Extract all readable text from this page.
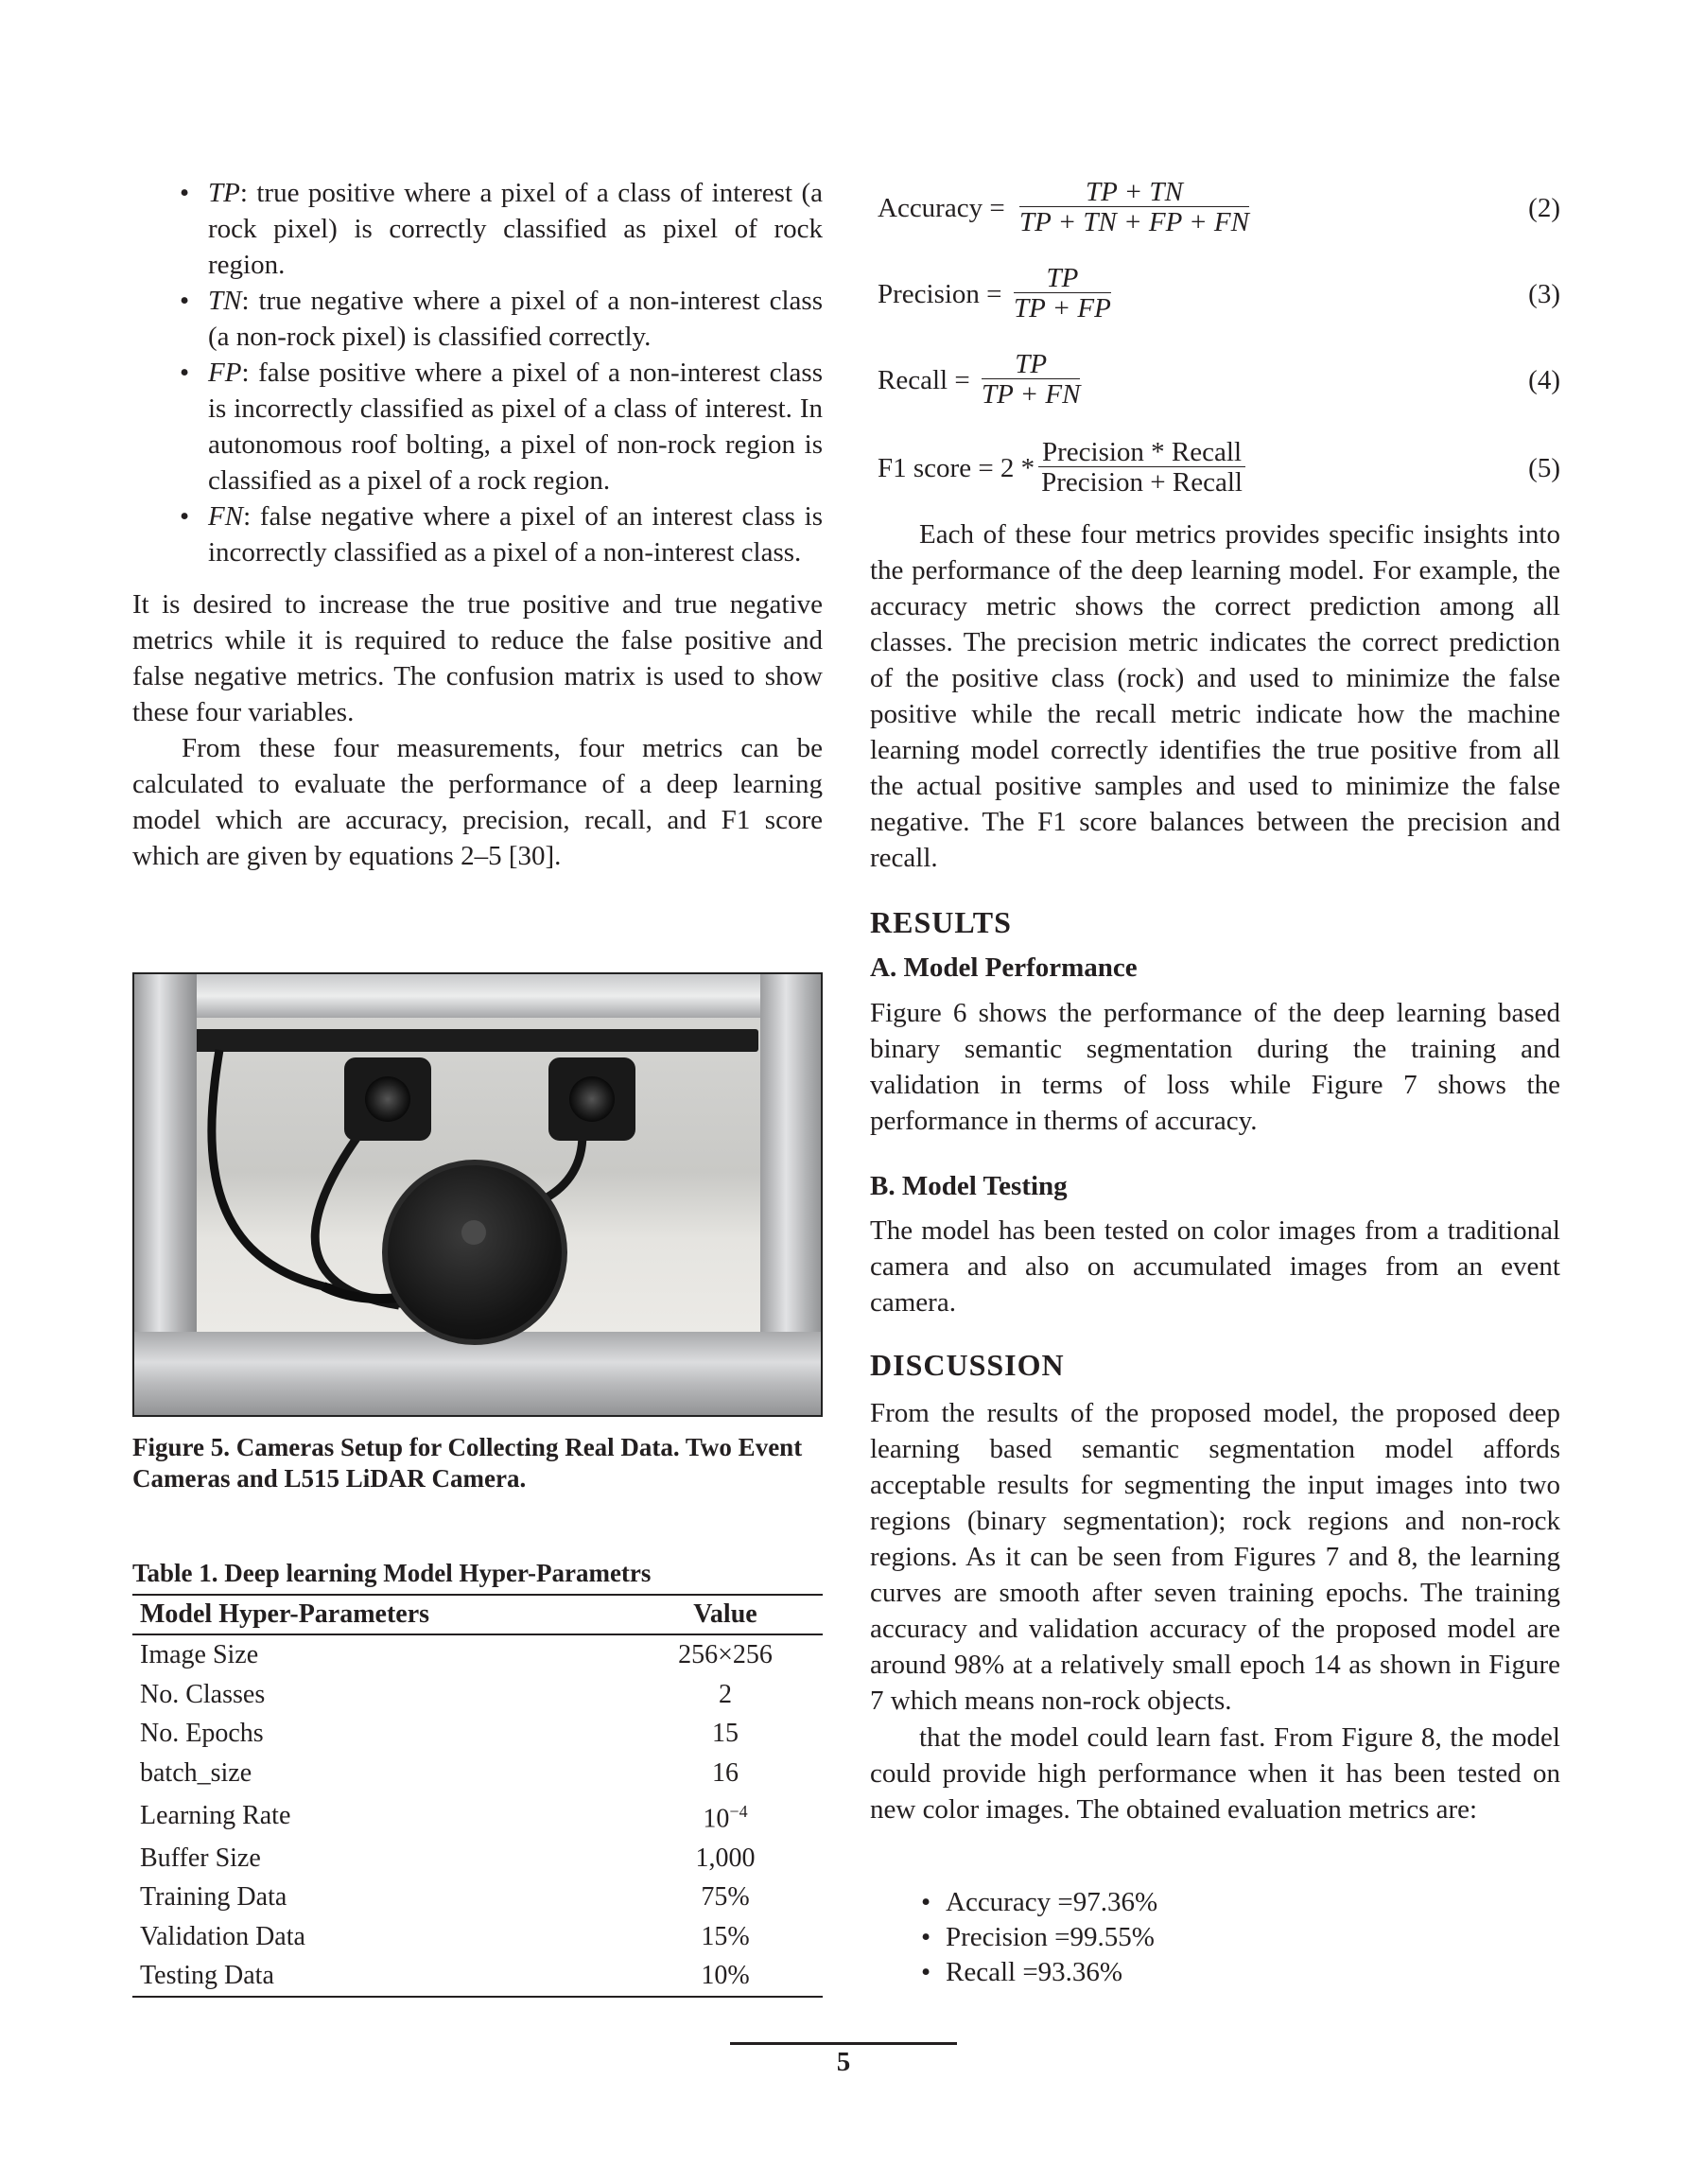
• TP: true positive where a pixel of a class of interest (a rock pixel) is correctly classified as pixel of rock region.
• TN: true negative where a pixel of a non-interest class (a non-rock pixel) is classified correctly.
• FP: false positive where a pixel of a non-interest class is incorrectly classified as pixel of a class of interest. In autonomous roof bolting, a pixel of non-rock region is classified as a pixel of a rock region.
• FN: false negative where a pixel of an interest class is incorrectly classified as a pixel of a non-interest class.

It is desired to increase the true positive and true negative metrics while it is required to reduce the false positive and false negative metrics. The confusion matrix is used to show these four variables.

From these four measurements, four metrics can be calculated to evaluate the performance of a deep learning model which are accuracy, precision, recall, and F1 score which are given by equations 2–5 [30].

Figure 5. Cameras Setup for Collecting Real Data. Two Event Cameras and L515 LiDAR Camera.
Table 1. Deep learning Model Hyper-Parametrs
Model Hyper-Parameters	Value
Image Size	256×256
No. Classes	2
No. Epochs	15
batch_size	16
Learning Rate	$10^{-4}$
Buffer Size	1,000
Training Data	75%
Validation Data	15%
Testing Data	10%
Accuracy = $\frac{TP + TN}{TP + TN + FP + FN}$	(2)
Precision = $\frac{TP}{TP + FP}$	(3)
Recall = $\frac{TP}{TP + FN}$	(4)
F1 score = 2 *
Precision * Recall
Precision + Recall	(5)

Each of these four metrics provides specific insights into the performance of the deep learning model. For example, the accuracy metric shows the correct prediction among all classes. The precision metric indicates the correct prediction of the positive class (rock) and used to minimize the false positive while the recall metric indicate how the machine learning model correctly identifies the true positive from all the actual positive samples and used to minimize the false negative. The F1 score balances between the precision and recall.

RESULTS
A. Model Performance

Figure 6 shows the performance of the deep learning based binary semantic segmentation during the training and validation in terms of loss while Figure 7 shows the performance in therms of accuracy.

B. Model Testing

The model has been tested on color images from a traditional camera and also on accumulated images from an event camera.

DISCUSSION

From the results of the proposed model, the proposed deep learning based semantic segmentation model affords acceptable results for segmenting the input images into two regions (binary segmentation); rock regions and non-rock regions. As it can be seen from Figures 7 and 8, the learning curves are smooth after seven training epochs. The training accuracy and validation accuracy of the proposed model are around 98% at a relatively small epoch 14 as shown in Figure 7 which means non-rock objects.

that the model could learn fast. From Figure 8, the model could provide high performance when it has been tested on new color images. The obtained evaluation metrics are:

• Accuracy =97.36%
• Precision =99.55%
• Recall =93.36%
5
